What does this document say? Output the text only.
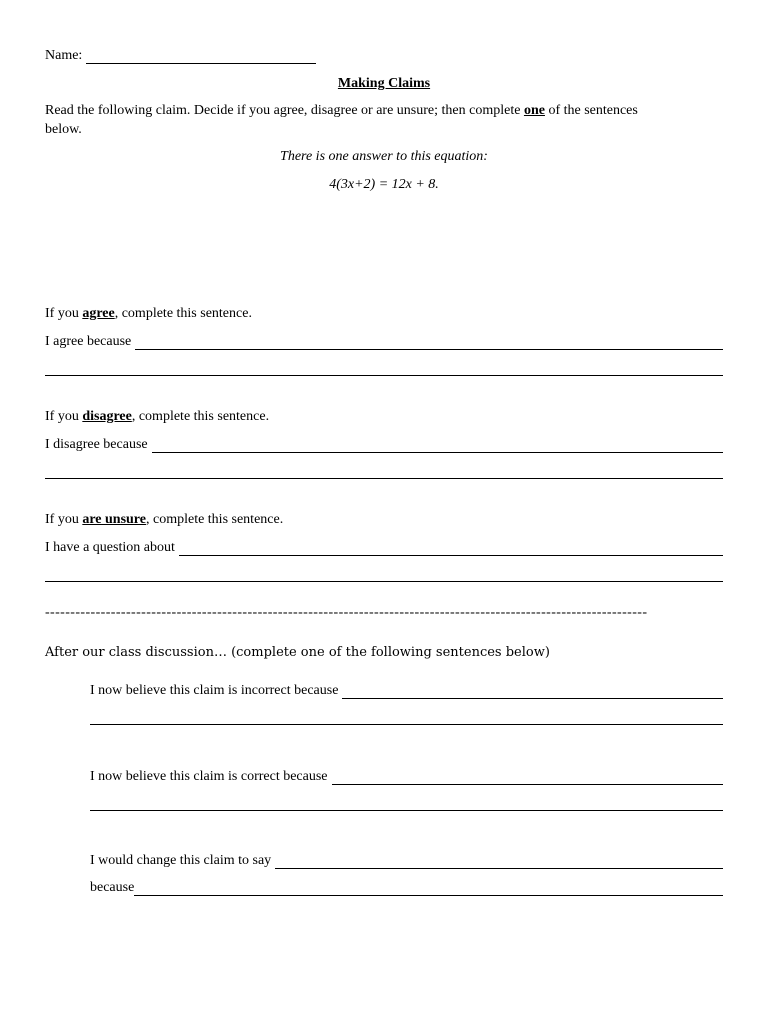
Name:
Making Claims
Read the following claim. Decide if you agree, disagree or are unsure; then complete one of the sentences
below.
There is one answer to this equation:
4(3x+2) = 12x + 8.
If you agree, complete this sentence.
I agree because
If you disagree, complete this sentence.
I disagree because
If you are unsure, complete this sentence.
I have a question about
-----------------------------------------------------------------------------------------------------------------------
After our class discussion… (complete one of the following sentences below)
I now believe this claim is incorrect because
I now believe this claim is correct because
I would change this claim to say
because
